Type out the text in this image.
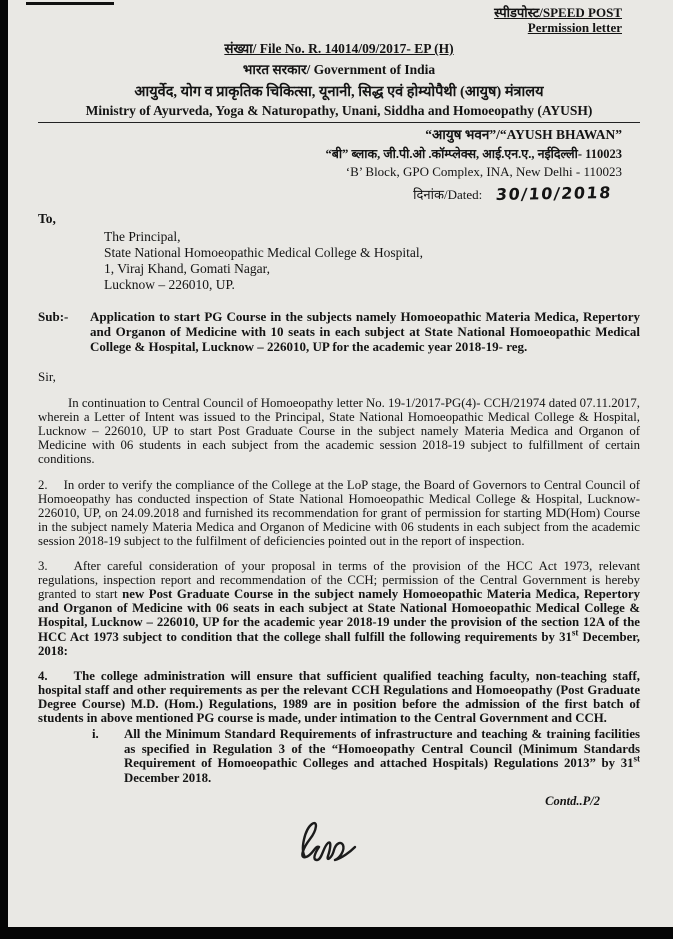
स्पीडपोस्ट/SPEED POST
Permission letter
संख्या/ File No. R. 14014/09/2017- EP (H)
भारत सरकार/ Government of India
आयुर्वेद, योग व प्राकृतिक चिकित्सा, यूनानी, सिद्ध एवं होम्योपैथी (आयुष) मंत्रालय
Ministry of Ayurveda, Yoga & Naturopathy, Unani, Siddha and Homoeopathy (AYUSH)
“आयुष भवन”/“AYUSH BHAWAN”
“बी” ब्लाक, जी.पी.ओ .कॉम्प्लेक्स, आई.एन.ए., नईदिल्ली- 110023
‘B’ Block, GPO Complex, INA, New Delhi - 110023
दिनांक/Dated: 30/10/2018
To,
The Principal,
State National Homoeopathic Medical College & Hospital,
1, Viraj Khand, Gomati Nagar,
Lucknow – 226010, UP.
Sub:-	Application to start PG Course in the subjects namely Homoeopathic Materia Medica, Repertory and Organon of Medicine with 10 seats in each subject at State National Homoeopathic Medical College & Hospital, Lucknow – 226010, UP for the academic year 2018-19- reg.

Sir,

In continuation to Central Council of Homoeopathy letter No. 19-1/2017-PG(4)- CCH/21974 dated 07.11.2017, wherein a Letter of Intent was issued to the Principal, State National Homoeopathic Medical College & Hospital, Lucknow – 226010, UP to start Post Graduate Course in the subject namely Materia Medica and Organon of Medicine with 06 students in each subject from the academic session 2018-19 subject to fulfillment of certain conditions.

2. In order to verify the compliance of the College at the LoP stage, the Board of Governors to Central Council of Homoeopathy has conducted inspection of State National Homoeopathic Medical College & Hospital, Lucknow- 226010, UP, on 24.09.2018 and furnished its recommendation for grant of permission for starting MD(Hom) Course in the subject namely Materia Medica and Organon of Medicine with 06 students in each subject from the academic session 2018-19 subject to the fulfilment of deficiencies pointed out in the report of inspection.

3. After careful consideration of your proposal in terms of the provision of the HCC Act 1973, relevant regulations, inspection report and recommendation of the CCH; permission of the Central Government is hereby granted to start new Post Graduate Course in the subject namely Homoeopathic Materia Medica, Repertory and Organon of Medicine with 06 seats in each subject at State National Homoeopathic Medical College & Hospital, Lucknow – 226010, UP for the academic year 2018-19 under the provision of the section 12A of the HCC Act 1973 subject to condition that the college shall fulfill the following requirements by 31st December, 2018:

4. The college administration will ensure that sufficient qualified teaching faculty, non-teaching staff, hospital staff and other requirements as per the relevant CCH Regulations and Homoeopathy (Post Graduate Degree Course) M.D. (Hom.) Regulations, 1989 are in position before the admission of the first batch of students in above mentioned PG course is made, under intimation to the Central Government and CCH.

i.	All the Minimum Standard Requirements of infrastructure and teaching & training facilities as specified in Regulation 3 of the “Homoeopathy Central Council (Minimum Standards Requirement of Homoeopathic Colleges and attached Hospitals) Regulations 2013” by 31st December 2018.

Contd..P/2
